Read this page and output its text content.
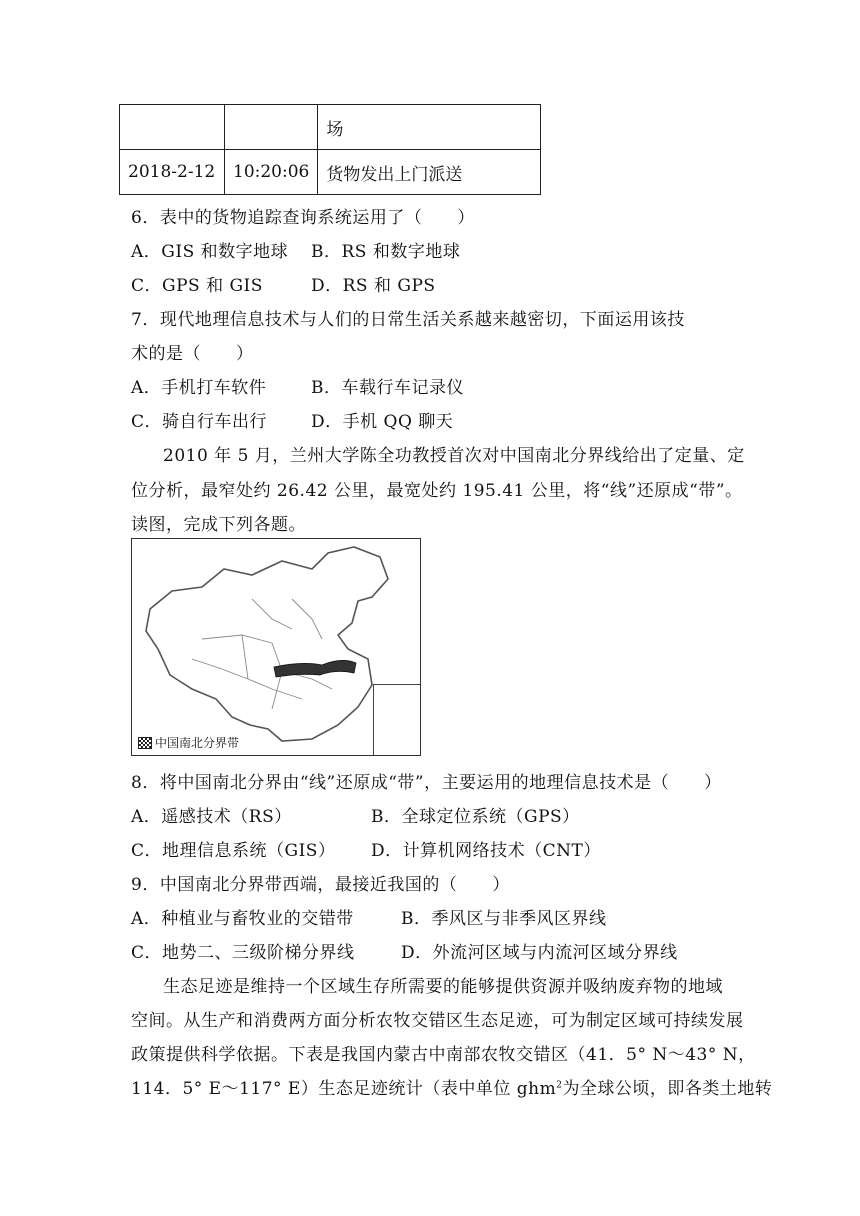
		场
2018-2-12	10:20:06	货物发出上门派送
6．表中的货物追踪查询系统运用了（　　）
A．GIS 和数字地球 B．RS 和数字地球
C．GPS 和 GIS	D．RS 和 GPS
7．现代地理信息技术与人们的日常生活关系越来越密切，下面运用该技
术的是（　　）
A．手机打车软件	B．车载行车记录仪
C．骑自行车出行	D．手机 QQ 聊天
2010 年 5 月，兰州大学陈全功教授首次对中国南北分界线给出了定量、定
位分析，最窄处约 26.42 公里，最宽处约 195.41 公里，将“线”还原成“带”。
读图，完成下列各题。
中国南北分界带
8．将中国南北分界由“线”还原成“带”，主要运用的地理信息技术是（　　）
A．遥感技术（RS）	B．全球定位系统（GPS）
C．地理信息系统（GIS） D．计算机网络技术（CNT）
9．中国南北分界带西端，最接近我国的（　　）
A．种植业与畜牧业的交错带	B．季风区与非季风区界线
C．地势二、三级阶梯分界线	D．外流河区域与内流河区域分界线
生态足迹是维持一个区域生存所需要的能够提供资源并吸纳废弃物的地域
空间。从生产和消费两方面分析农牧交错区生态足迹，可为制定区域可持续发展
政策提供科学依据。下表是我国内蒙古中南部农牧交错区（41．5° N～43° N，
114．5° E～117° E）生态足迹统计（表中单位 ghm$^2$为全球公顷，即各类土地转
